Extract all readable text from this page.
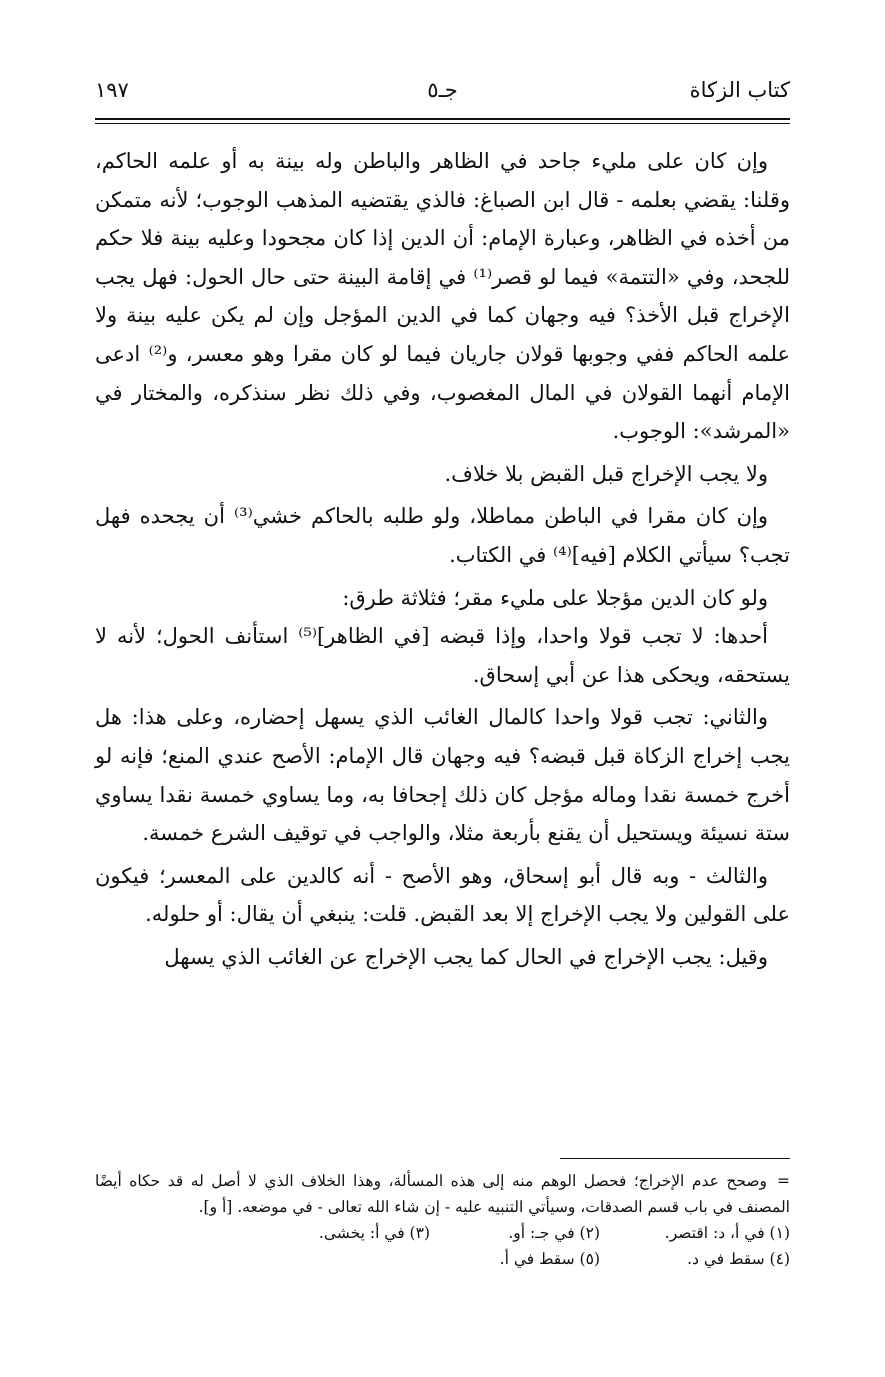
كتاب الزكاة
جـ٥
١٩٧

وإن كان على مليء جاحد في الظاهر والباطن وله بينة به أو علمه الحاكم، وقلنا: يقضي بعلمه - قال ابن الصباغ: فالذي يقتضيه المذهب الوجوب؛ لأنه متمكن من أخذه في الظاهر، وعبارة الإمام: أن الدين إذا كان مجحودا وعليه بينة فلا حكم للجحد، وفي «التتمة» فيما لو قصر⁽¹⁾ في إقامة البينة حتى حال الحول: فهل يجب الإخراج قبل الأخذ؟ فيه وجهان كما في الدين المؤجل وإن لم يكن عليه بينة ولا علمه الحاكم ففي وجوبها قولان جاريان فيما لو كان مقرا وهو معسر، و⁽²⁾ ادعى الإمام أنهما القولان في المال المغصوب، وفي ذلك نظر سنذكره، والمختار في «المرشد»: الوجوب.

ولا يجب الإخراج قبل القبض بلا خلاف.

وإن كان مقرا في الباطن مماطلا، ولو طلبه بالحاكم خشي⁽³⁾ أن يجحده فهل تجب؟ سيأتي الكلام [فيه]⁽⁴⁾ في الكتاب.

ولو كان الدين مؤجلا على مليء مقر؛ فثلاثة طرق:

أحدها: لا تجب قولا واحدا، وإذا قبضه [في الظاهر]⁽⁵⁾ استأنف الحول؛ لأنه لا يستحقه، ويحكى هذا عن أبي إسحاق.

والثاني: تجب قولا واحدا كالمال الغائب الذي يسهل إحضاره، وعلى هذا: هل يجب إخراج الزكاة قبل قبضه؟ فيه وجهان قال الإمام: الأصح عندي المنع؛ فإنه لو أخرج خمسة نقدا وماله مؤجل كان ذلك إجحافا به، وما يساوي خمسة نقدا يساوي ستة نسيئة ويستحيل أن يقنع بأربعة مثلا، والواجب في توقيف الشرع خمسة.

والثالث - وبه قال أبو إسحاق، وهو الأصح - أنه كالدين على المعسر؛ فيكون على القولين ولا يجب الإخراج إلا بعد القبض. قلت: ينبغي أن يقال: أو حلوله.

وقيل: يجب الإخراج في الحال كما يجب الإخراج عن الغائب الذي يسهل

=وصحح عدم الإخراج؛ فحصل الوهم منه إلى هذه المسألة، وهذا الخلاف الذي لا أصل له قد حكاه أيضًا المصنف في باب قسم الصدقات، وسيأتي التنبيه عليه - إن شاء الله تعالى - في موضعه. [أ و].

(١) في أ، د: اقتصر.
(٢) في جـ: أو.
(٣) في أ: يخشى.
(٤) سقط في د.
(٥) سقط في أ.
